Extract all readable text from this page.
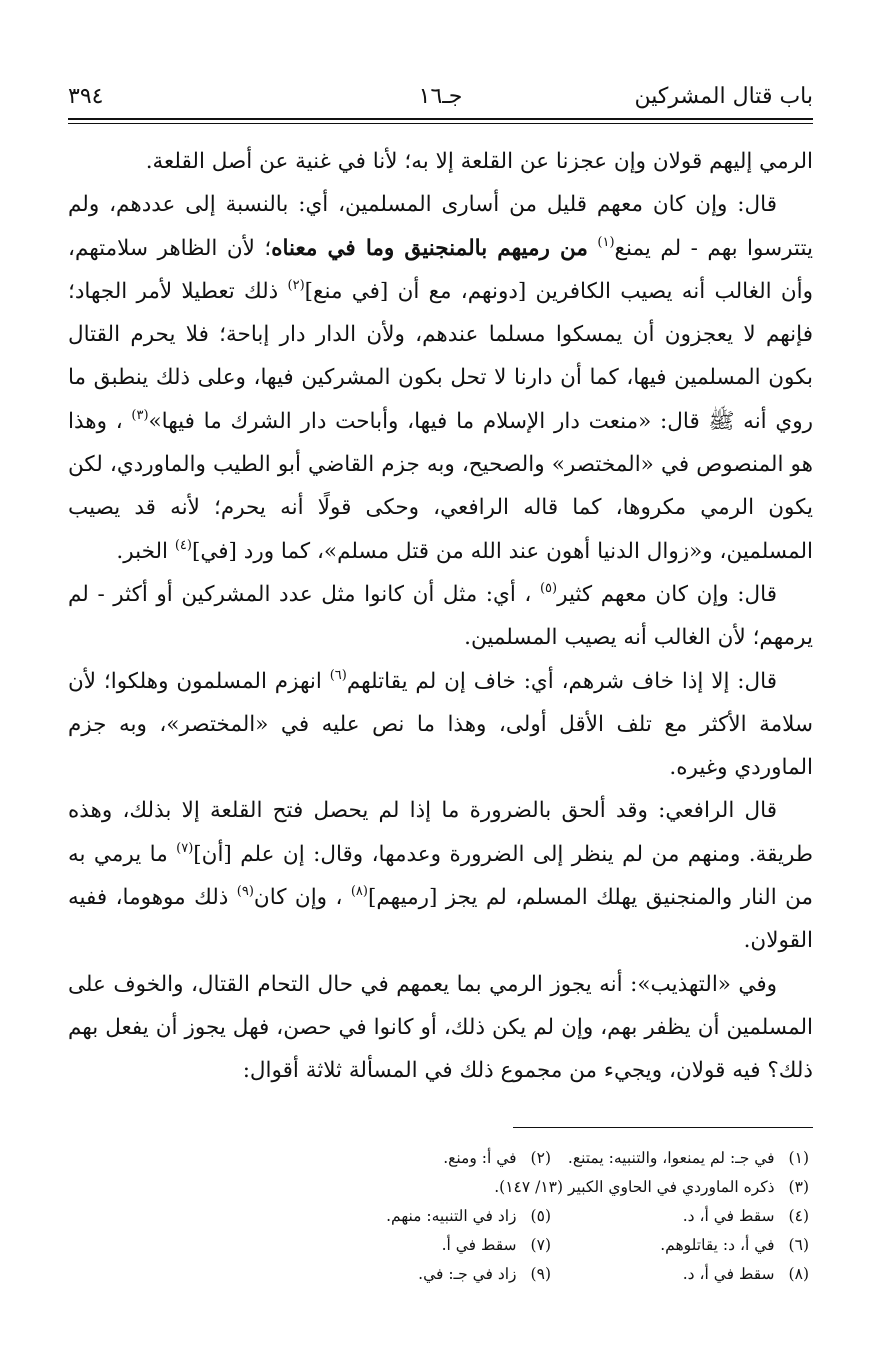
باب قتال المشركين
جـ١٦
٣٩٤

الرمي إليهم قولان وإن عجزنا عن القلعة إلا به؛ لأنا في غنية عن أصل القلعة.

قال: وإن كان معهم قليل من أسارى المسلمين، أي: بالنسبة إلى عددهم، ولم يتترسوا بهم - لم يمنع$^{(١)}$ من رميهم بالمنجنيق وما في معناه؛ لأن الظاهر سلامتهم، وأن الغالب أنه يصيب الكافرين [دونهم، مع أن [في منع]$^{(٢)}$ ذلك تعطيلا لأمر الجهاد؛ فإنهم لا يعجزون أن يمسكوا مسلما عندهم، ولأن الدار دار إباحة؛ فلا يحرم القتال بكون المسلمين فيها، كما أن دارنا لا تحل بكون المشركين فيها، وعلى ذلك ينطبق ما روي أنه ﷺ قال: «منعت دار الإسلام ما فيها، وأباحت دار الشرك ما فيها»$^{(٣)}$ ، وهذا هو المنصوص في «المختصر» والصحيح، وبه جزم القاضي أبو الطيب والماوردي، لكن يكون الرمي مكروها، كما قاله الرافعي، وحكى قولًا أنه يحرم؛ لأنه قد يصيب المسلمين، و«زوال الدنيا أهون عند الله من قتل مسلم»، كما ورد [في]$^{(٤)}$ الخبر.

قال: وإن كان معهم كثير$^{(٥)}$ ، أي: مثل أن كانوا مثل عدد المشركين أو أكثر - لم يرمهم؛ لأن الغالب أنه يصيب المسلمين.

قال: إلا إذا خاف شرهم، أي: خاف إن لم يقاتلهم$^{(٦)}$ انهزم المسلمون وهلكوا؛ لأن سلامة الأكثر مع تلف الأقل أولى، وهذا ما نص عليه في «المختصر»، وبه جزم الماوردي وغيره.

قال الرافعي: وقد ألحق بالضرورة ما إذا لم يحصل فتح القلعة إلا بذلك، وهذه طريقة. ومنهم من لم ينظر إلى الضرورة وعدمها، وقال: إن علم [أن]$^{(٧)}$ ما يرمي به من النار والمنجنيق يهلك المسلم، لم يجز [رميهم]$^{(٨)}$ ، وإن كان$^{(٩)}$ ذلك موهوما، ففيه القولان.

وفي «التهذيب»: أنه يجوز الرمي بما يعمهم في حال التحام القتال، والخوف على المسلمين أن يظفر بهم، وإن لم يكن ذلك، أو كانوا في حصن، فهل يجوز أن يفعل بهم ذلك؟ فيه قولان، ويجيء من مجموع ذلك في المسألة ثلاثة أقوال:

(١)في جـ: لم يمنعوا، والتنبيه: يمتنع.
(٢)في أ: ومنع.
(٣)ذكره الماوردي في الحاوي الكبير (١٣/ ١٤٧).
(٤)سقط في أ، د.
(٥)زاد في التنبيه: منهم.
(٦)في أ، د: يقاتلوهم.
(٧)سقط في أ.
(٨)سقط في أ، د.
(٩)زاد في جـ: في.
